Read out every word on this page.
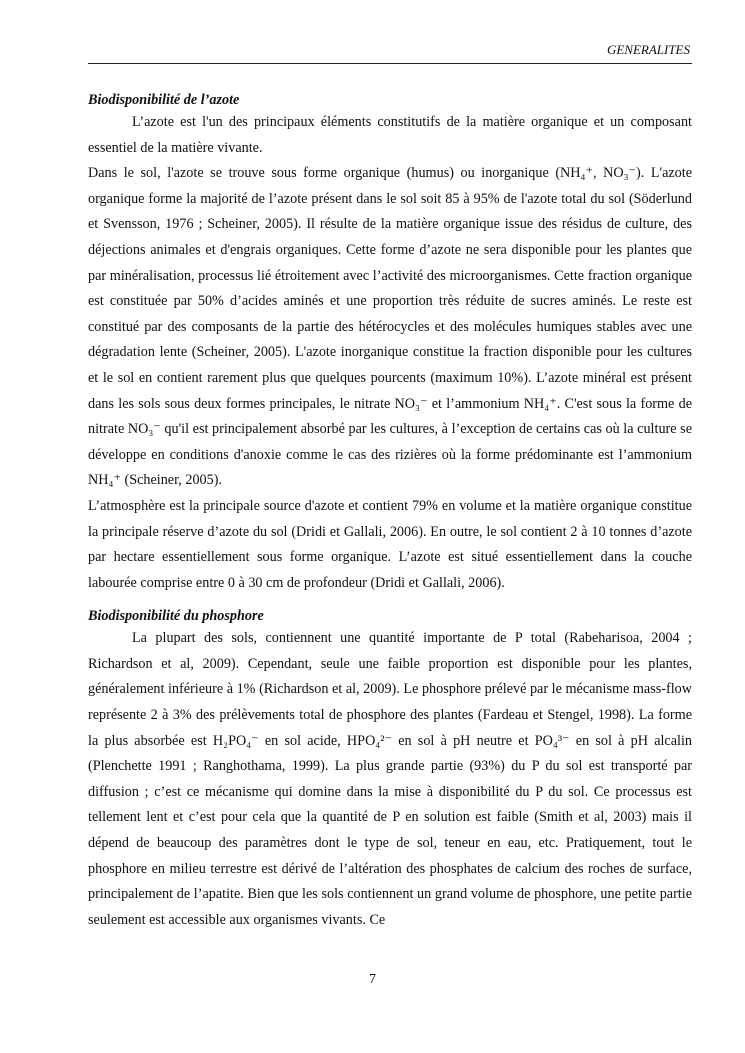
GENERALITES
Biodisponibilité de l’azote

L’azote est l'un des principaux éléments constitutifs de la matière organique et un composant essentiel de la matière vivante.

Dans le sol, l'azote se trouve sous forme organique (humus) ou inorganique (NH₄⁺, NO₃⁻). L'azote organique forme la majorité de l’azote présent dans le sol soit 85 à 95% de l'azote total du sol (Söderlund et Svensson, 1976 ; Scheiner, 2005). Il résulte de la matière organique issue des résidus de culture, des déjections animales et d'engrais organiques. Cette forme d’azote ne sera disponible pour les plantes que par minéralisation, processus lié étroitement avec l’activité des microorganismes. Cette fraction organique est constituée par 50% d’acides aminés et une proportion très réduite de sucres aminés. Le reste est constitué par des composants de la partie des hétérocycles et des molécules humiques stables avec une dégradation lente (Scheiner, 2005). L'azote inorganique constitue la fraction disponible pour les cultures et le sol en contient rarement plus que quelques pourcents (maximum 10%). L’azote minéral est présent dans les sols sous deux formes principales, le nitrate NO₃⁻ et l’ammonium NH₄⁺. C'est sous la forme de nitrate NO₃⁻ qu'il est principalement absorbé par les cultures, à l’exception de certains cas où la culture se développe en conditions d'anoxie comme le cas des rizières où la forme prédominante est l’ammonium NH₄⁺ (Scheiner, 2005).

L’atmosphère est la principale source d'azote et contient 79% en volume et la matière organique constitue la principale réserve d’azote du sol (Dridi et Gallali, 2006). En outre, le sol contient 2 à 10 tonnes d’azote par hectare essentiellement sous forme organique. L’azote est situé essentiellement dans la couche labourée comprise entre 0 à 30 cm de profondeur (Dridi et Gallali, 2006).

Biodisponibilité du phosphore

La plupart des sols, contiennent une quantité importante de P total (Rabeharisoa, 2004 ; Richardson et al, 2009). Cependant, seule une faible proportion est disponible pour les plantes, généralement inférieure à 1% (Richardson et al, 2009). Le phosphore prélevé par le mécanisme mass-flow représente 2 à 3% des prélèvements total de phosphore des plantes (Fardeau et Stengel, 1998). La forme la plus absorbée est H₂PO₄⁻ en sol acide, HPO₄²⁻ en sol à pH neutre et PO₄³⁻ en sol à pH alcalin (Plenchette 1991 ; Ranghothama, 1999). La plus grande partie (93%) du P du sol est transporté par diffusion ; c’est ce mécanisme qui domine dans la mise à disponibilité du P du sol. Ce processus est tellement lent et c’est pour cela que la quantité de P en solution est faible (Smith et al, 2003) mais il dépend de beaucoup des paramètres dont le type de sol, teneur en eau, etc. Pratiquement, tout le phosphore en milieu terrestre est dérivé de l’altération des phosphates de calcium des roches de surface, principalement de l’apatite. Bien que les sols contiennent un grand volume de phosphore, une petite partie seulement est accessible aux organismes vivants. Ce

7
